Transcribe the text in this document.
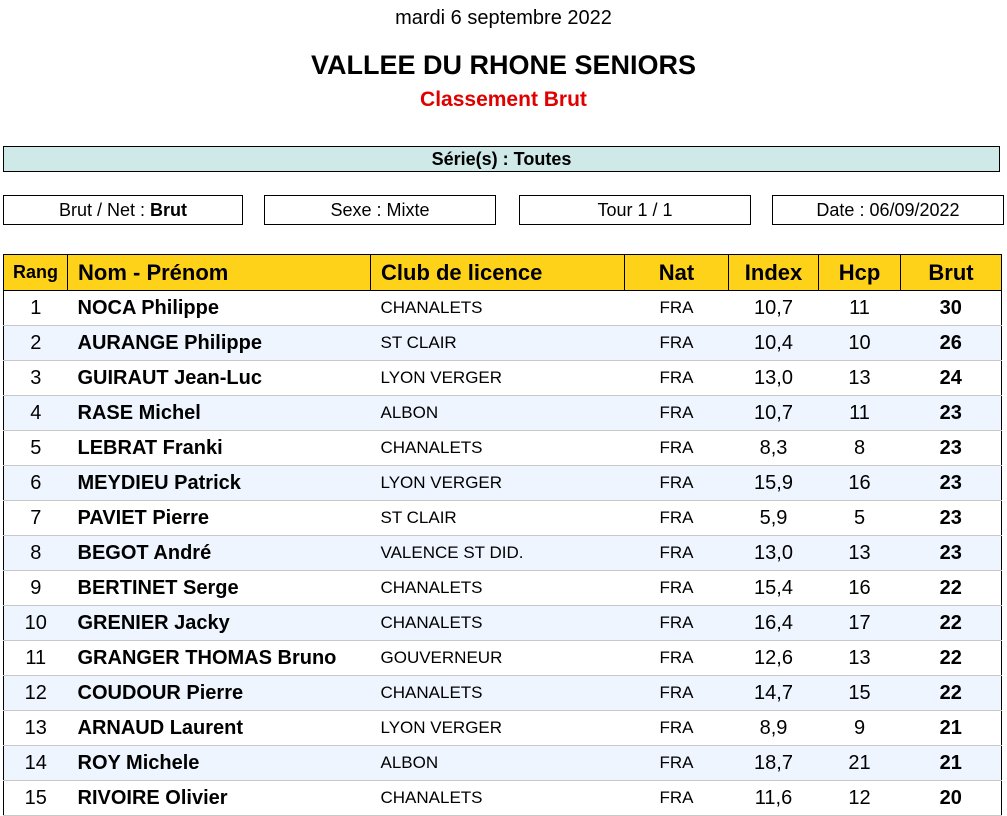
mardi 6 septembre 2022
VALLEE DU RHONE SENIORS
Classement Brut
Série(s) : Toutes
Brut / Net : Brut	Sexe : Mixte	Tour 1 / 1	Date : 06/09/2022
Rang	Nom - Prénom	Club de licence	Nat	Index	Hcp	Brut
1	NOCA Philippe	CHANALETS	FRA	10,7	11	30
2	AURANGE Philippe	ST CLAIR	FRA	10,4	10	26
3	GUIRAUT Jean-Luc	LYON VERGER	FRA	13,0	13	24
4	RASE Michel	ALBON	FRA	10,7	11	23
5	LEBRAT Franki	CHANALETS	FRA	8,3	8	23
6	MEYDIEU Patrick	LYON VERGER	FRA	15,9	16	23
7	PAVIET Pierre	ST CLAIR	FRA	5,9	5	23
8	BEGOT André	VALENCE ST DID.	FRA	13,0	13	23
9	BERTINET Serge	CHANALETS	FRA	15,4	16	22
10	GRENIER Jacky	CHANALETS	FRA	16,4	17	22
11	GRANGER THOMAS Bruno	GOUVERNEUR	FRA	12,6	13	22
12	COUDOUR Pierre	CHANALETS	FRA	14,7	15	22
13	ARNAUD Laurent	LYON VERGER	FRA	8,9	9	21
14	ROY Michele	ALBON	FRA	18,7	21	21
15	RIVOIRE Olivier	CHANALETS	FRA	11,6	12	20
